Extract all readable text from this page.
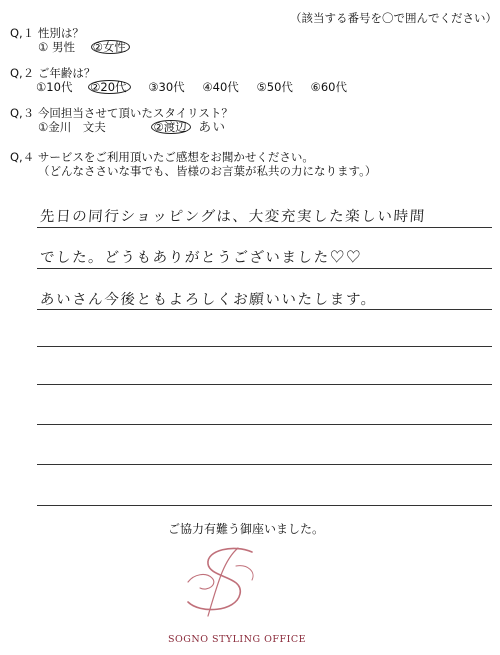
（該当する番号を〇で囲んでください）
Q,１ 性別は？
① 男性 ②女性
Q,２ ご年齢は？
①10代 ②20代 ③30代 ④40代 ⑤50代 ⑥60代
Q,３ 今回担当させて頂いたスタイリスト？
①金川　文夫	②渡辺 あい
Q,４ サービスをご利用頂いたご感想をお聞かせください。
（どんなささいな事でも、皆様のお言葉が私共の力になります。）
先日の同行ショッピングは、大変充実した楽しい時間
でした。どうもありがとうございました♡♡
あいさん今後ともよろしくお願いいたします。
ご協力有難う御座いました。
SOGNO STYLING OFFICE
